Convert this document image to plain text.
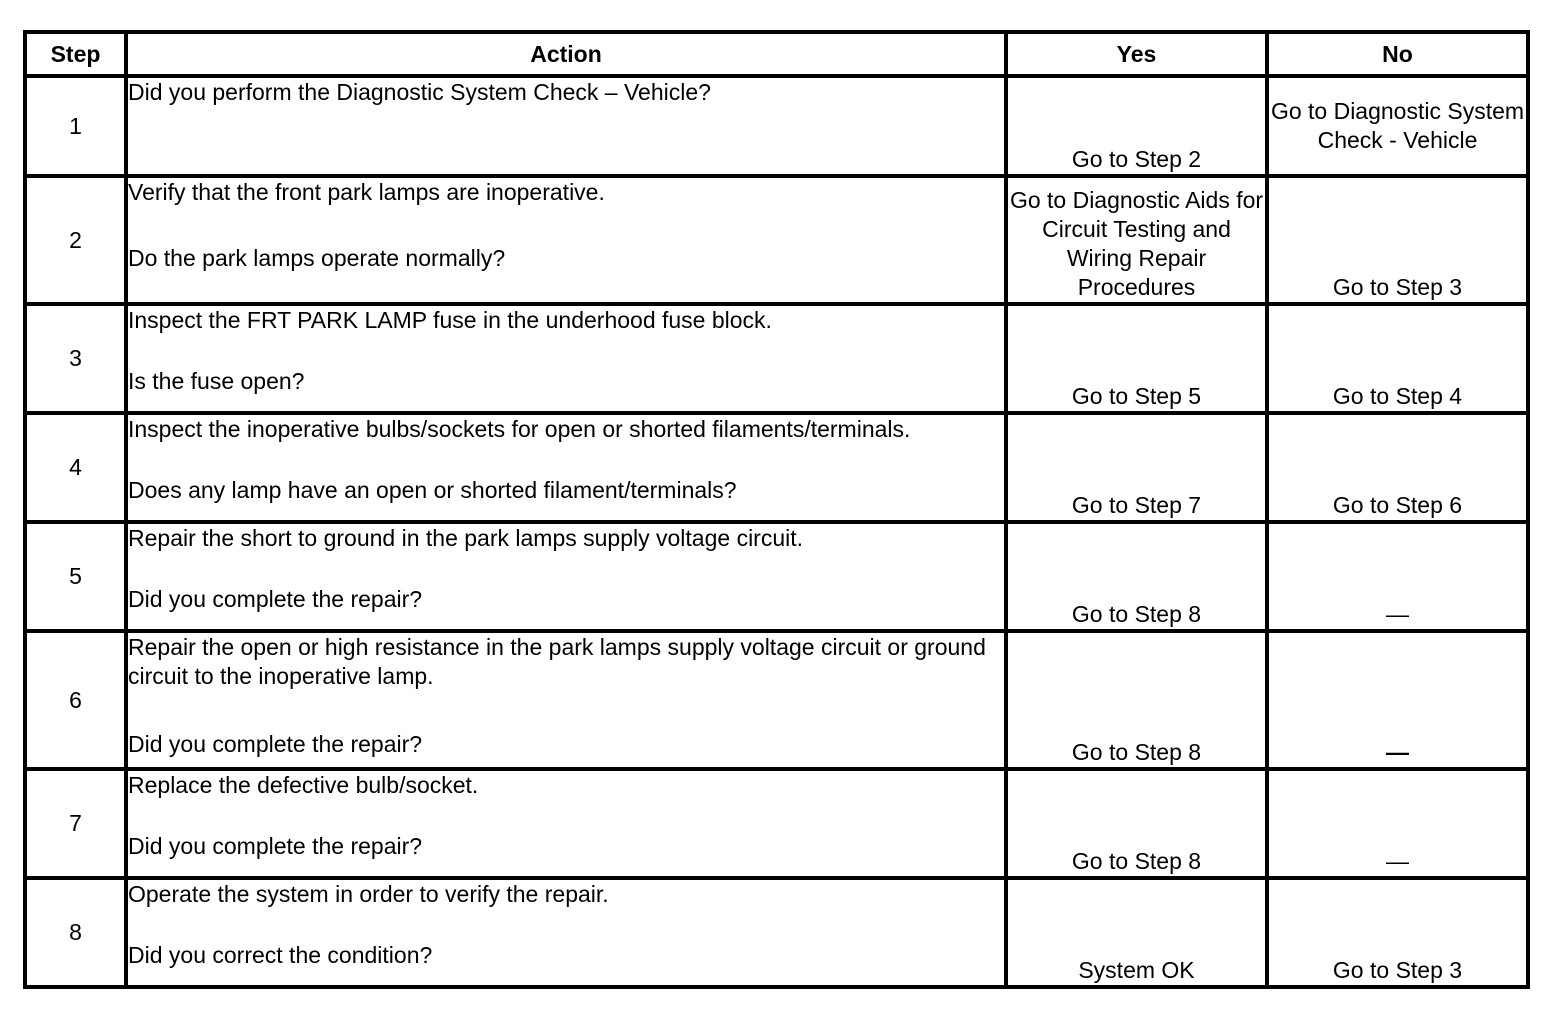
Step	Action	Yes	No
1	Did you perform the Diagnostic System Check – Vehicle?	Go to Step 2	Go to Diagnostic System Check - Vehicle
2	Verify that the front park lamps are inoperative.
Do the park lamps operate normally?	Go to Diagnostic Aids for Circuit Testing and Wiring Repair Procedures	Go to Step 3
3	Inspect the FRT PARK LAMP fuse in the underhood fuse block.
Is the fuse open?	Go to Step 5	Go to Step 4
4	Inspect the inoperative bulbs/sockets for open or shorted filaments/terminals.
Does any lamp have an open or shorted filament/terminals?	Go to Step 7	Go to Step 6
5	Repair the short to ground in the park lamps supply voltage circuit.
Did you complete the repair?	Go to Step 8	—
6	Repair the open or high resistance in the park lamps supply voltage circuit or ground circuit to the inoperative lamp.
Did you complete the repair?	Go to Step 8	—
7	Replace the defective bulb/socket.
Did you complete the repair?	Go to Step 8	—
8	Operate the system in order to verify the repair.
Did you correct the condition?	System OK	Go to Step 3
